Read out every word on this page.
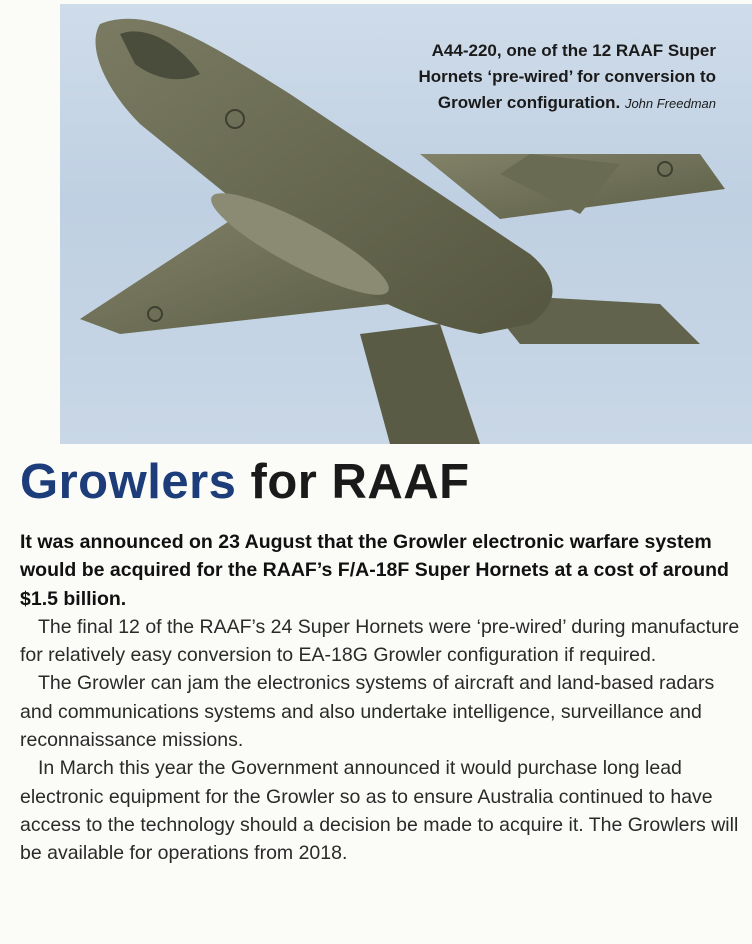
A44-220, one of the 12 RAAF Super Hornets ‘pre-wired’ for conversion to Growler configuration. John Freedman
Growlers for RAAF

It was announced on 23 August that the Growler electronic warfare system would be acquired for the RAAF’s F/A-18F Super Hornets at a cost of around $1.5 billion.

The final 12 of the RAAF’s 24 Super Hornets were ‘pre-wired’ during manufacture for relatively easy conversion to EA-18G Growler configuration if required.

The Growler can jam the electronics systems of aircraft and land-based radars and communications systems and also undertake intelligence, surveillance and reconnaissance missions.

In March this year the Government announced it would purchase long lead electronic equipment for the Growler so as to ensure Australia continued to have access to the technology should a decision be made to acquire it. The Growlers will be available for operations from 2018.
